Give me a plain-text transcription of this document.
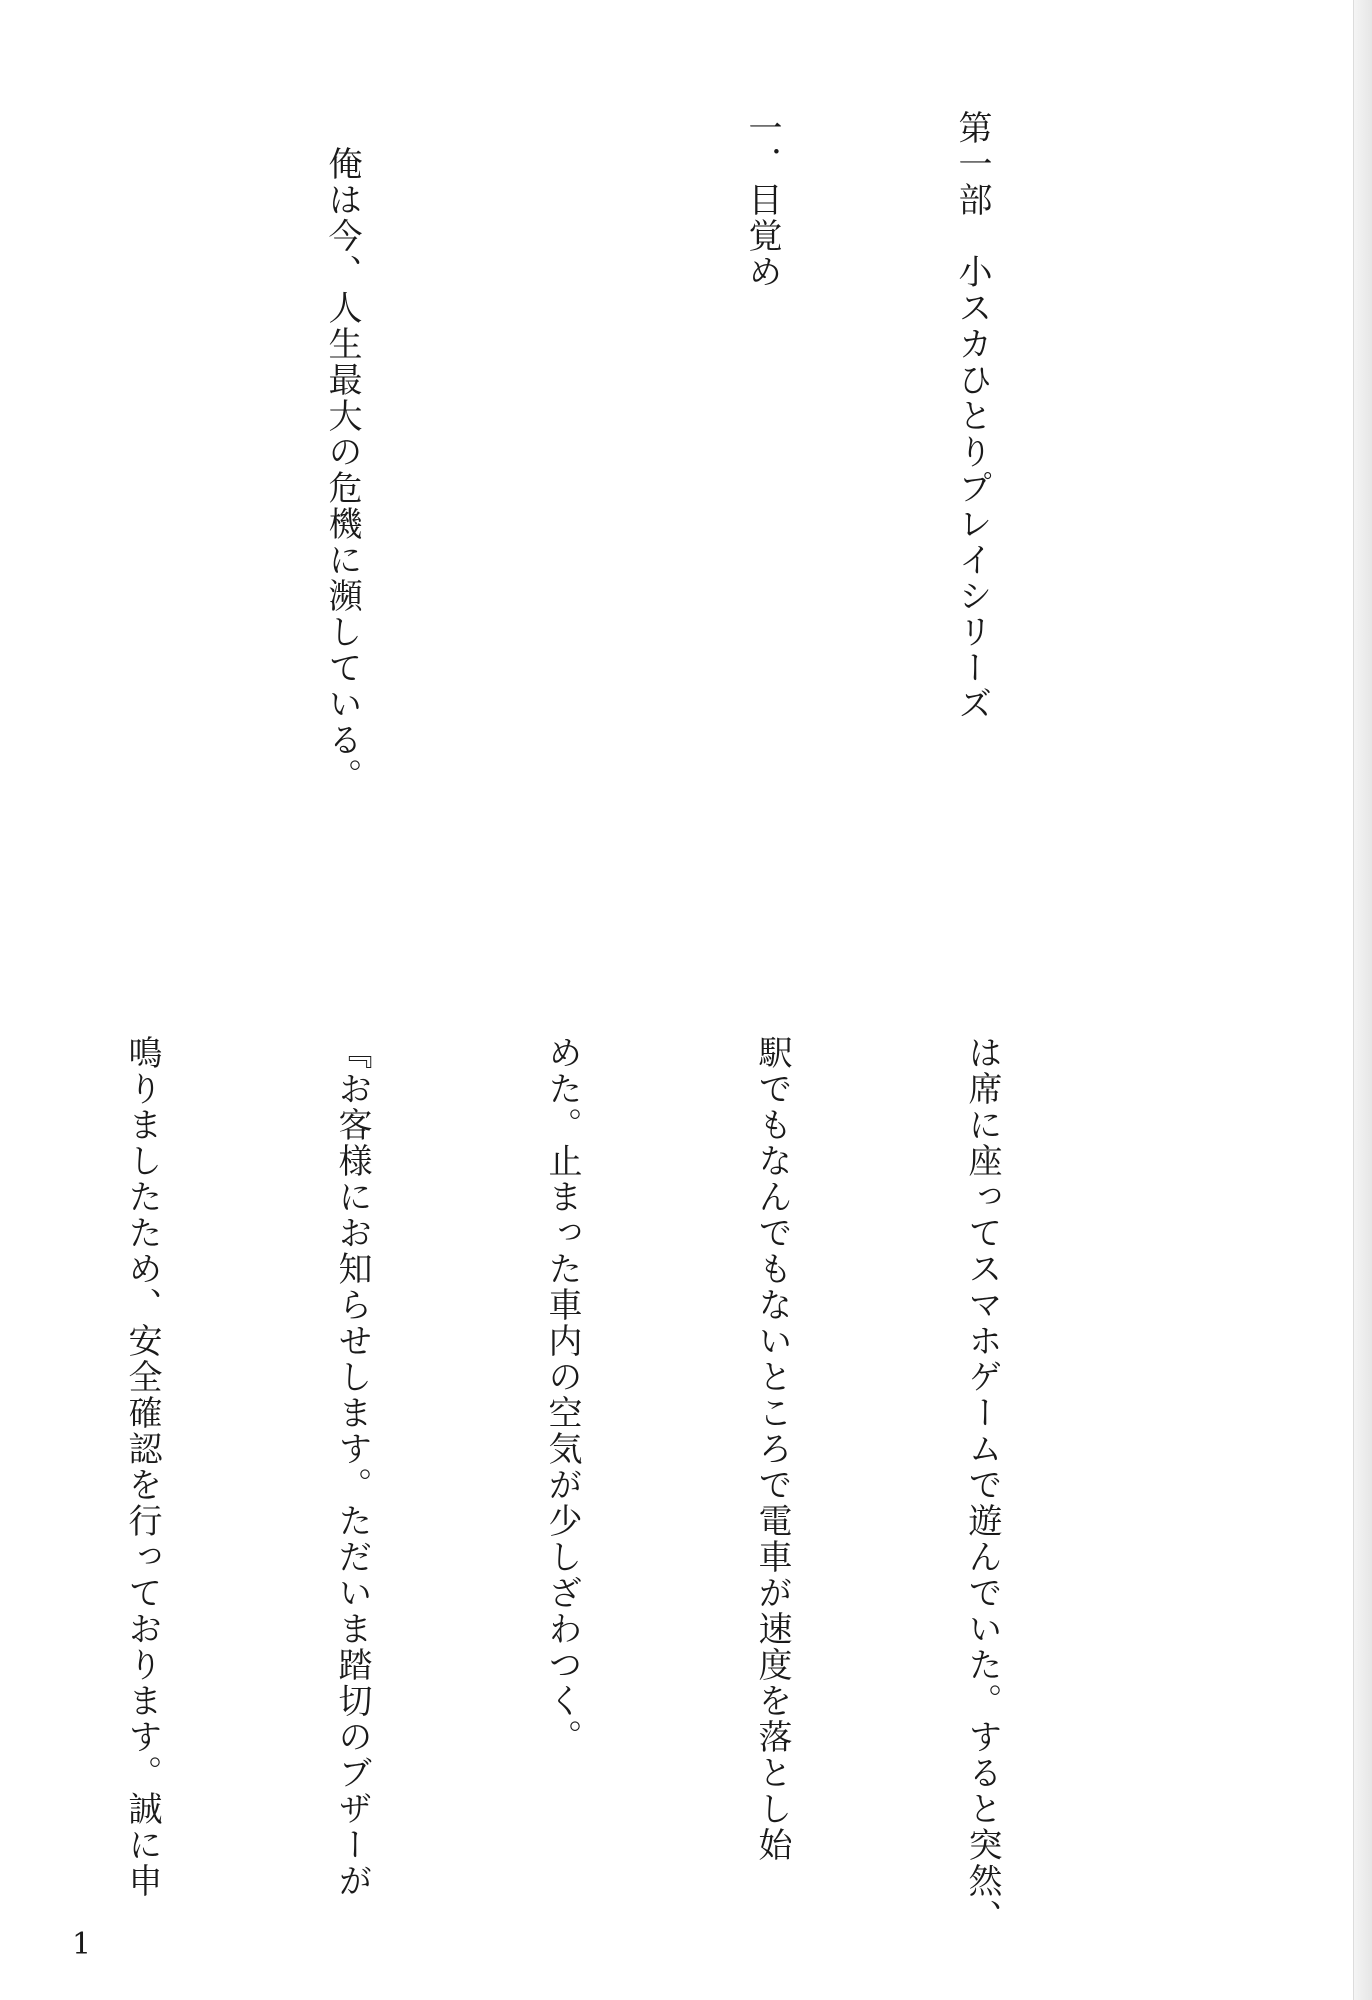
第一部　小スカひとりプレイシリーズ

一．目覚め

　俺は今、人生最大の危機に瀕している。

は席に座ってスマホゲームで遊んでいた。すると突然、

駅でもなんでもないところで電車が速度を落とし始

めた。止まった車内の空気が少しざわつく。

『お客様にお知らせします。ただいま踏切のブザーが

鳴りましたため、安全確認を行っております。誠に申

1
